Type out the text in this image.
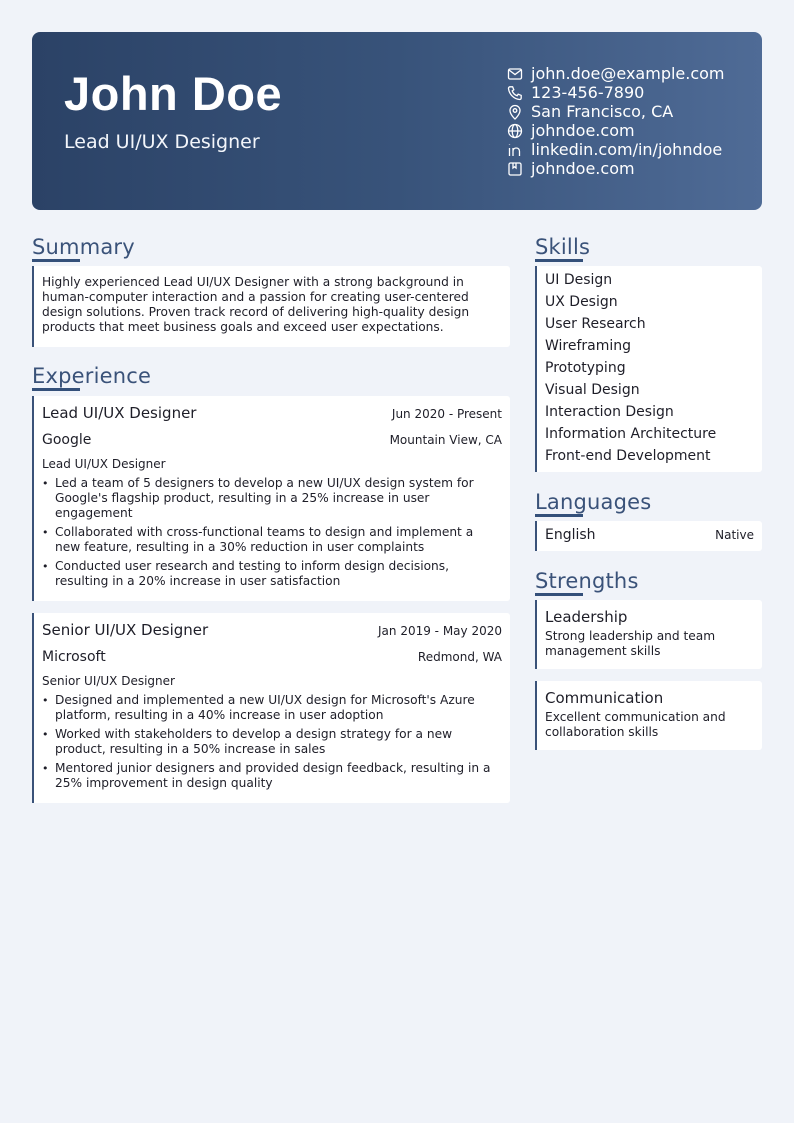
John Doe
Lead UI/UX Designer
john.doe@example.com
123-456-7890
San Francisco, CA
johndoe.com
linkedin.com/in/johndoe
johndoe.com
Summary
Highly experienced Lead UI/UX Designer with a strong background in human-computer interaction and a passion for creating user-centered design solutions. Proven track record of delivering high-quality design products that meet business goals and exceed user expectations.
Experience
Lead UI/UX Designer	Jun 2020 - Present
Google	Mountain View, CA
Lead UI/UX Designer
• Led a team of 5 designers to develop a new UI/UX design system for Google's flagship product, resulting in a 25% increase in user engagement
• Collaborated with cross-functional teams to design and implement a new feature, resulting in a 30% reduction in user complaints
• Conducted user research and testing to inform design decisions, resulting in a 20% increase in user satisfaction
Senior UI/UX Designer	Jan 2019 - May 2020
Microsoft	Redmond, WA
Senior UI/UX Designer
• Designed and implemented a new UI/UX design for Microsoft's Azure platform, resulting in a 40% increase in user adoption
• Worked with stakeholders to develop a design strategy for a new product, resulting in a 50% increase in sales
• Mentored junior designers and provided design feedback, resulting in a 25% improvement in design quality
Skills
UI Design
UX Design
User Research
Wireframing
Prototyping
Visual Design
Interaction Design
Information Architecture
Front-end Development
Languages
English	Native
Strengths
Leadership
Strong leadership and team management skills
Communication
Excellent communication and collaboration skills
